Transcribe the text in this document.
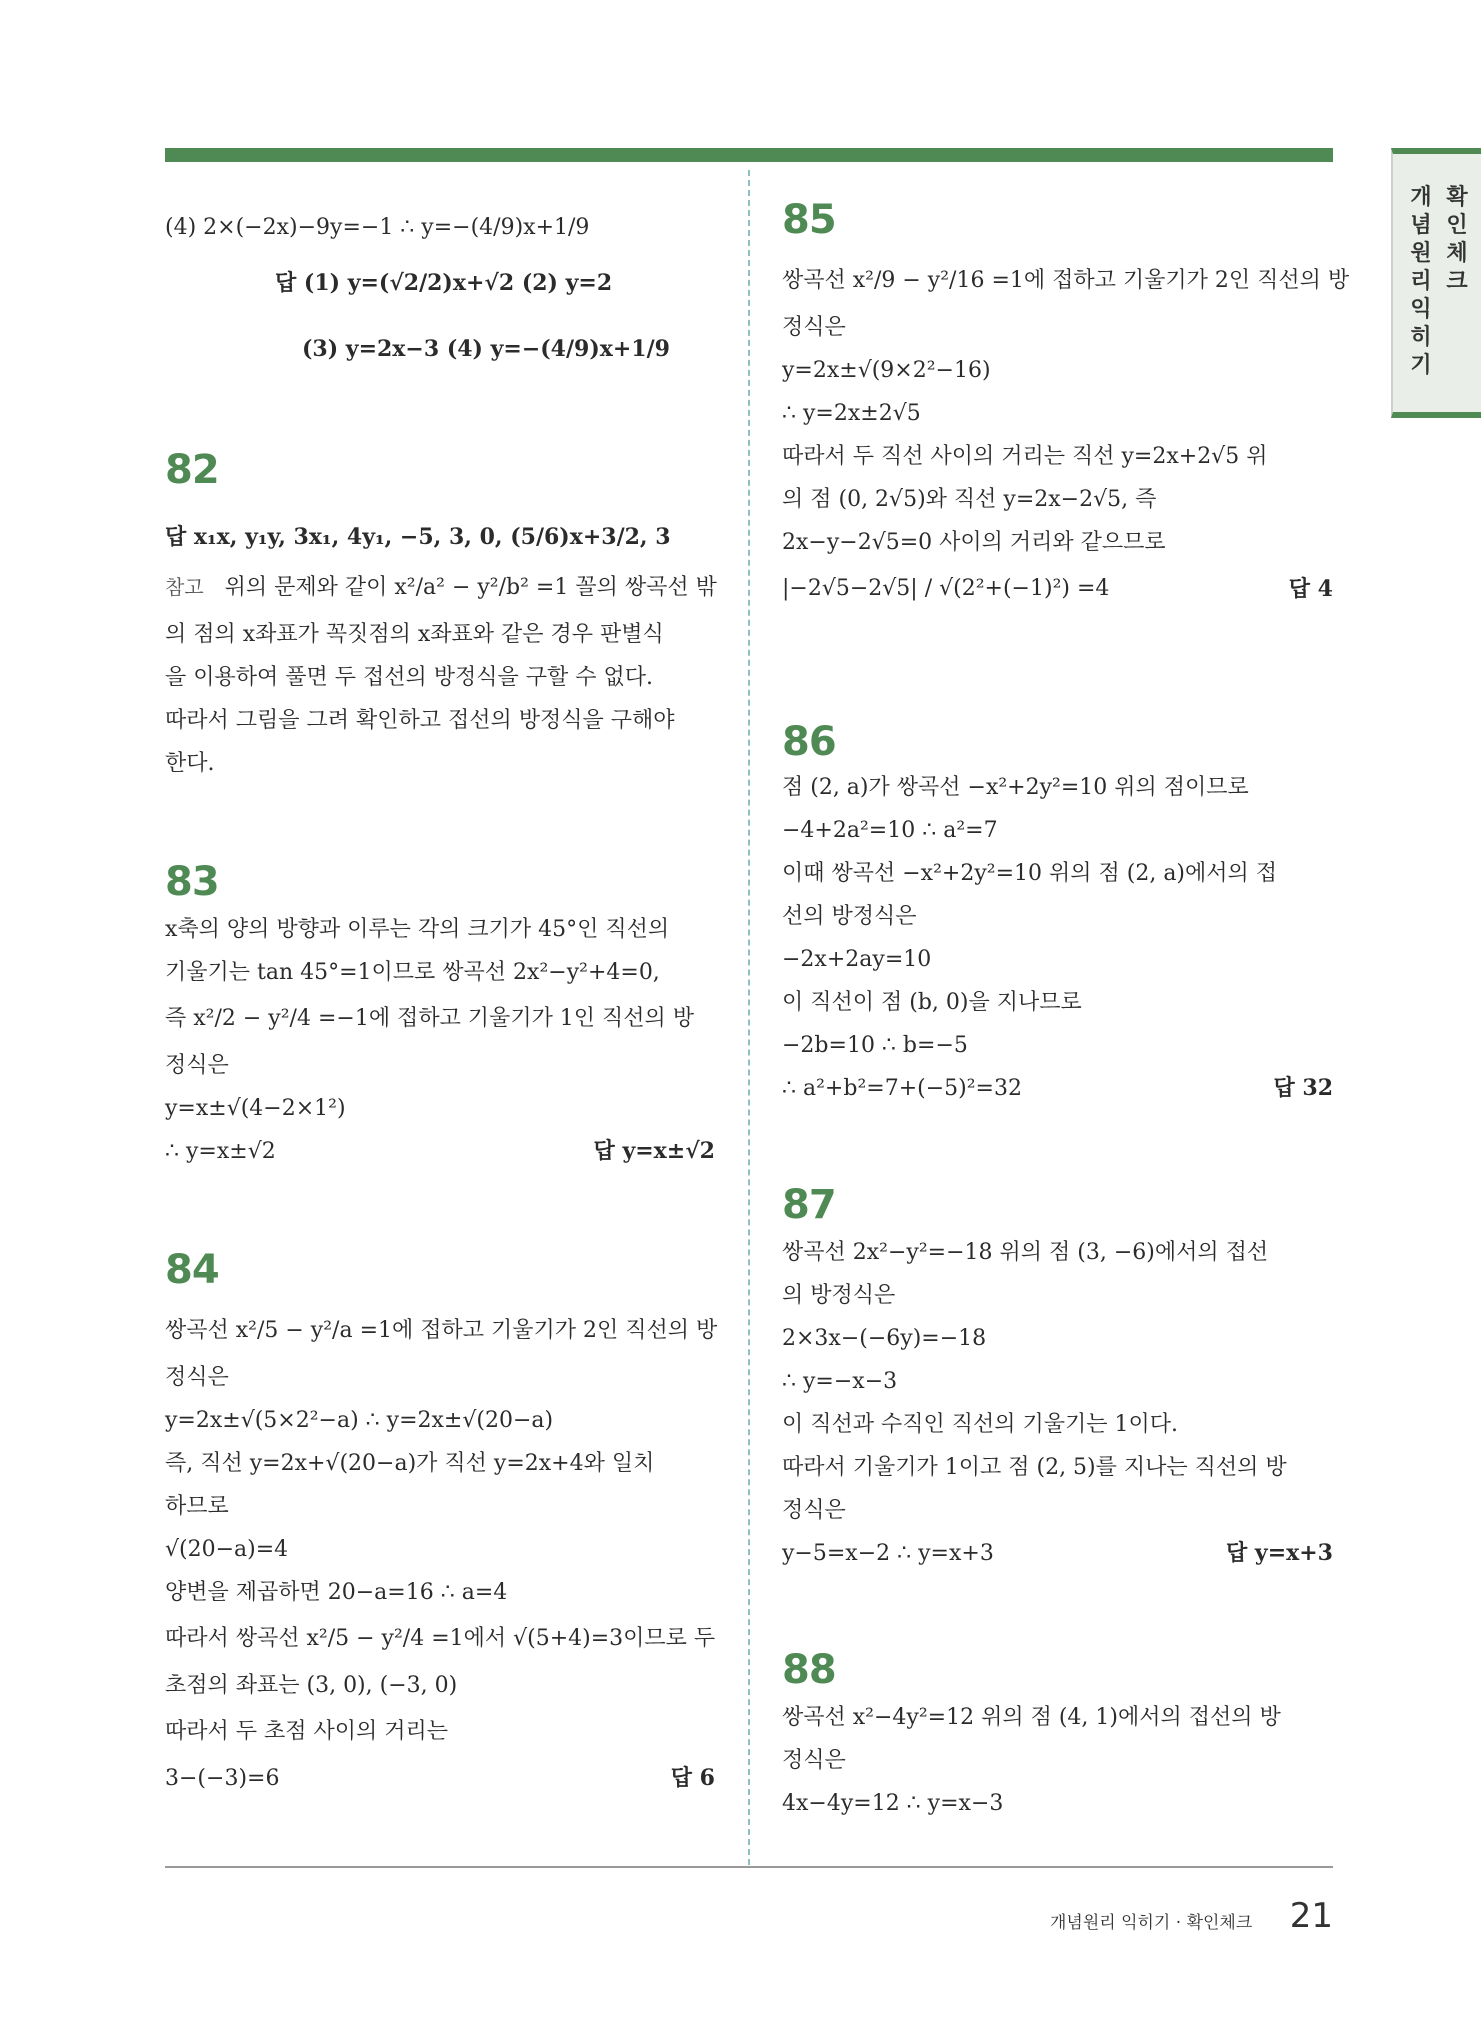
개념원리 익히기
확인체크
(4) 2×(−2x)−9y=−1 ∴ y=−(4/9)x+1/9
답 (1) y=(√2/2)x+√2 (2) y=2
(3) y=2x−3 (4) y=−(4/9)x+1/9
82
답 x₁x, y₁y, 3x₁, 4y₁, −5, 3, 0, (5/6)x+3/2, 3
참고 위의 문제와 같이 x²/a² − y²/b² =1 꼴의 쌍곡선 밖
의 점의 x좌표가 꼭짓점의 x좌표와 같은 경우 판별식
을 이용하여 풀면 두 접선의 방정식을 구할 수 없다.
따라서 그림을 그려 확인하고 접선의 방정식을 구해야
한다.
83
x축의 양의 방향과 이루는 각의 크기가 45°인 직선의
기울기는 tan 45°=1이므로 쌍곡선 2x²−y²+4=0,
즉 x²/2 − y²/4 =−1에 접하고 기울기가 1인 직선의 방
정식은
y=x±√(4−2×1²)
∴ y=x±√2	답 y=x±√2
84
쌍곡선 x²/5 − y²/a =1에 접하고 기울기가 2인 직선의 방
정식은
y=2x±√(5×2²−a) ∴ y=2x±√(20−a)
즉, 직선 y=2x+√(20−a)가 직선 y=2x+4와 일치
하므로
√(20−a)=4
양변을 제곱하면 20−a=16 ∴ a=4
따라서 쌍곡선 x²/5 − y²/4 =1에서 √(5+4)=3이므로 두
초점의 좌표는 (3, 0), (−3, 0)
따라서 두 초점 사이의 거리는
3−(−3)=6	답 6
85
쌍곡선 x²/9 − y²/16 =1에 접하고 기울기가 2인 직선의 방
정식은
y=2x±√(9×2²−16)
∴ y=2x±2√5
따라서 두 직선 사이의 거리는 직선 y=2x+2√5 위
의 점 (0, 2√5)와 직선 y=2x−2√5, 즉
2x−y−2√5=0 사이의 거리와 같으므로
|−2√5−2√5| / √(2²+(−1)²) =4	답 4
86
점 (2, a)가 쌍곡선 −x²+2y²=10 위의 점이므로
−4+2a²=10 ∴ a²=7
이때 쌍곡선 −x²+2y²=10 위의 점 (2, a)에서의 접
선의 방정식은
−2x+2ay=10
이 직선이 점 (b, 0)을 지나므로
−2b=10 ∴ b=−5
∴ a²+b²=7+(−5)²=32	답 32
87
쌍곡선 2x²−y²=−18 위의 점 (3, −6)에서의 접선
의 방정식은
2×3x−(−6y)=−18
∴ y=−x−3
이 직선과 수직인 직선의 기울기는 1이다.
따라서 기울기가 1이고 점 (2, 5)를 지나는 직선의 방
정식은
y−5=x−2 ∴ y=x+3	답 y=x+3
88
쌍곡선 x²−4y²=12 위의 점 (4, 1)에서의 접선의 방
정식은
4x−4y=12 ∴ y=x−3
개념원리 익히기 · 확인체크 21
